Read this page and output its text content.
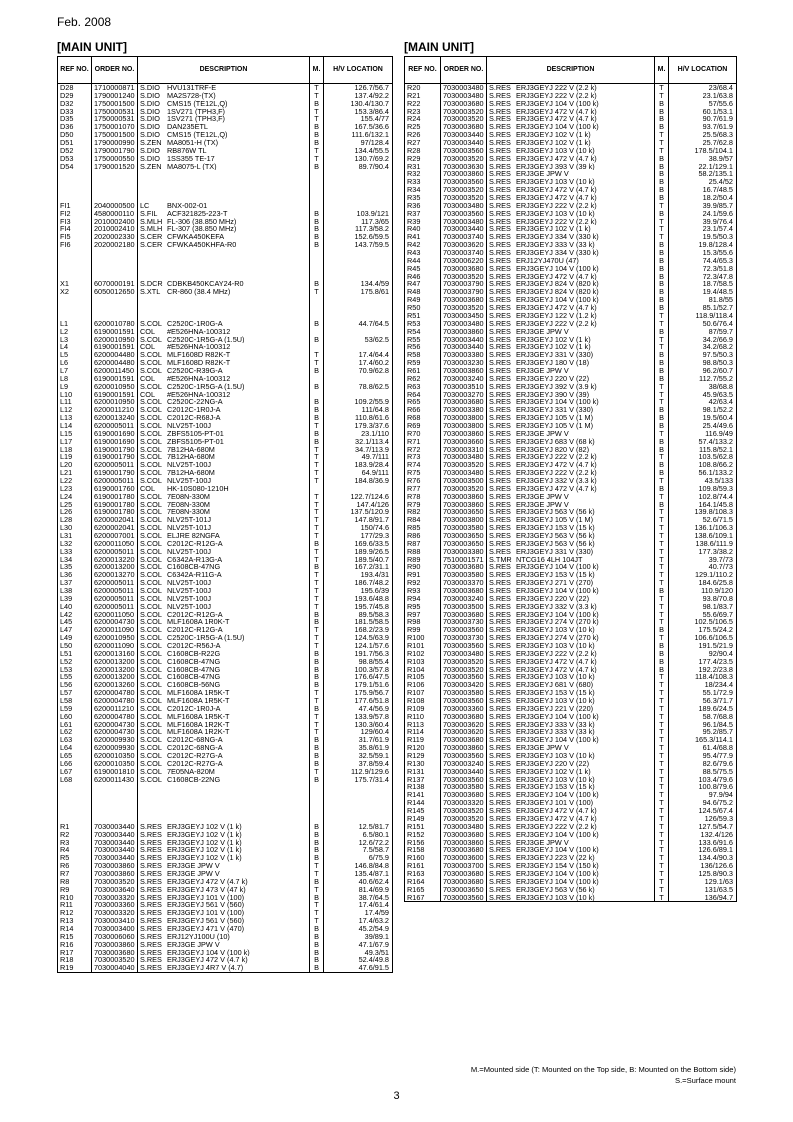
Feb. 2008
[MAIN UNIT]
REF NO.	ORDER NO.	DESCRIPTION	M.	H/V LOCATION
D28	1710000871	S.DIO HVU131TRF-E	T	126.7/56.7
D29	1790001240	S.DIO MA2S728-(TX)	T	137.4/92.2
D32	1750001500	S.DIO CMS15 (TE12L,Q)	B	130.4/130.7
D33	1750000531	S.DIO 1SV271 (TPH3,F)	T	153.3/86.4
D35	1750000531	S.DIO 1SV271 (TPH3,F)	T	155.4/77
D36	1750001070	S.DIO DAN235ETL	B	167.5/36.6
D50	1750001500	S.DIO CMS15 (TE12L,Q)	B	111.6/132.1
D51	1790000990	S.ZEN MA8051-H (TX)	B	97/128.4
D52	1790001790	S.DIO RB876W TL	T	134.4/55.5
D53	1750000550	S.DIO 1SS355 TE-17	T	130.7/69.2
D54	1790001520	S.ZEN MA8075-L (TX)	B	89.7/90.4

FI1	2040000500	LC BNX-002-01		
FI2	4580000110	S.FIL ACF321825-223-T	B	103.9/121
FI3	2010002400	S.MLH FL-306 (38.850 MHz)	B	117.3/65
FI4	2010002410	S.MLH FL-307 (38.850 MHz)	B	117.3/58.2
FI5	2020002330	S.CER CFWKA450KEFA	B	152.6/59.5
FI6	2020002180	S.CER CFWKA450KHFA-R0	B	143.7/59.5

X1	6070000191	S.DCR CDBKB450KCAY24-R0	B	134.4/59
X2	6050012650	S.XTL CR-860 (38.4 MHz)	T	175.8/61

L1	6200010780	S.COL C2520C-1R0G-A	B	44.7/64.5
L2	6190001591	COL #E526HNA-100312		
L3	6200010950	S.COL C2520C-1R5G-A (1.5U)	B	53/62.5
L4	6190001591	COL #E526HNA-100312		
L5	6200004480	S.COL MLF1608D R82K-T	T	17.4/64.4
L6	6200004480	S.COL MLF1608D R82K-T	T	17.4/60.2
L7	6200011450	S.COL C2520C-R39G-A	B	70.9/62.8
L8	6190001591	COL #E526HNA-100312		
L9	6200010950	S.COL C2520C-1R5G-A (1.5U)	B	78.8/62.5
L10	6190001591	COL #E526HNA-100312		
L11	6200010950	S.COL C2520C-22NG-A	B	109.2/55.9
L12	6200011210	S.COL C2012C-1R0J-A	B	111/64.8
L13	6200013240	S.COL C2012C-R68J-A	B	110.8/61.6
L14	6200005011	S.COL NLV25T-100J	T	179.3/37.6
L15	6190001690	S.COL ZBFS5105-PT-01	B	23.1/110
L17	6190001690	S.COL ZBFS5105-PT-01	B	32.1/113.4
L18	6190001790	S.COL 7B12HA-680M	T	34.7/113.9
L19	6190001790	S.COL 7B12HA-680M	T	49.7/111
L20	6200005011	S.COL NLV25T-100J	T	183.9/28.4
L21	6190001790	S.COL 7B12HA-680M	T	64.9/111
L22	6200005011	S.COL NLV25T-100J	T	184.8/36.9
L23	6190001760	COL HK-10S080-1210H		
L24	6190001780	S.COL 7E08N-330M	T	122.7/124.6
L25	6190001780	S.COL 7E08N-330M	T	147.4/126
L26	6190001780	S.COL 7E08N-330M	T	137.5/120.9
L28	6200002041	S.COL NLV25T-101J	T	147.8/91.7
L30	6200002041	S.COL NLV25T-101J	T	150/74.6
L31	6200007001	S.COL ELJRE 82NGFA	T	177/29.3
L32	6200011050	S.COL C2012C-R12G-A	B	169.6/33.5
L33	6200005011	S.COL NLV25T-100J	T	189.9/26.5
L34	6200013220	S.COL C6342A-R13G-A	T	189.5/40.7
L35	6200013200	S.COL C1608CB-47NG	B	167.2/31.1
L36	6200013270	S.COL C6342A-R11G-A	T	193.4/31
L37	6200005011	S.COL NLV25T-100J	T	186.7/48.2
L38	6200005011	S.COL NLV25T-100J	T	195.6/39
L39	6200005011	S.COL NLV25T-100J	T	193.6/48.8
L40	6200005011	S.COL NLV25T-100J	T	195.7/45.8
L42	6200011050	S.COL C2012C-R12G-A	B	89.5/58.3
L45	6200004730	S.COL MLF1608A 1R0K-T	B	181.5/58.5
L47	6200011090	S.COL C2012C-R12G-A	T	168.2/23.9
L49	6200010950	S.COL C2520C-1R5G-A (1.5U)	T	124.5/63.9
L50	6200011090	S.COL C2012C-R56J-A	T	124.1/57.6
L51	6200013160	S.COL C1608CB-R22G	B	191.7/56.3
L52	6200013200	S.COL C1608CB-47NG	B	98.8/55.4
L53	6200013200	S.COL C1608CB-47NG	B	100.3/57.8
L55	6200013200	S.COL C1608CB-47NG	B	176.6/47.5
L56	6200013260	S.COL C1608CB-56NG	B	179.1/51.6
L57	6200004780	S.COL MLF1608A 1R5K-T	T	175.9/56.7
L58	6200004780	S.COL MLF1608A 1R5K-T	T	177.6/51.8
L59	6200011210	S.COL C2012C-1R0J-A	B	47.4/56.9
L60	6200004780	S.COL MLF1608A 1R5K-T	T	133.9/57.8
L61	6200004730	S.COL MLF1608A 1R2K-T	T	130.3/60.4
L62	6200004730	S.COL MLF1608A 1R2K-T	T	129/60.4
L63	6200009930	S.COL C2012C-68NG-A	B	31.7/61.9
L64	6200009930	S.COL C2012C-68NG-A	B	35.8/61.9
L65	6200010350	S.COL C2012C-R27G-A	B	32.5/59.1
L66	6200010350	S.COL C2012C-R27G-A	B	37.8/59.4
L67	6190001810	S.COL 7E05NA-820M	T	112.9/129.6
L68	6200011430	S.COL C1608CB-22NG	B	175.7/31.4

R1	7030003440	S.RES ERJ3GEYJ 102 V (1 k)	B	12.5/81.7
R2	7030003440	S.RES ERJ3GEYJ 102 V (1 k)	B	6.5/80.1
R3	7030003440	S.RES ERJ3GEYJ 102 V (1 k)	B	12.6/72.2
R4	7030003440	S.RES ERJ3GEYJ 102 V (1 k)	B	7.5/58.7
R5	7030003440	S.RES ERJ3GEYJ 102 V (1 k)	B	6/75.9
R6	7030003860	S.RES ERJ3GE JPW V	T	146.8/84.8
R7	7030003860	S.RES ERJ3GE JPW V	T	135.4/87.1
R8	7030003520	S.RES ERJ3GEYJ 472 V (4.7 k)	B	40.6/62.4
R9	7030003640	S.RES ERJ3GEYJ 473 V (47 k)	T	81.4/69.9
R10	7030003320	S.RES ERJ3GEYJ 101 V (100)	B	38.7/64.5
R11	7030003360	S.RES ERJ3GEYJ 561 V (560)	T	17.4/61.4
R12	7030003320	S.RES ERJ3GEYJ 101 V (100)	T	17.4/59
R13	7030003410	S.RES ERJ3GEYJ 561 V (560)	T	17.4/63.2
R14	7030003400	S.RES ERJ3GEYJ 471 V (470)	B	45.2/54.9
R15	7030006060	S.RES ERJ12YJ100U (10)	B	39/89.1
R16	7030003860	S.RES ERJ3GE JPW V	B	47.1/67.9
R17	7030003680	S.RES ERJ3GEYJ 104 V (100 k)	B	49.3/51
R18	7030003520	S.RES ERJ3GEYJ 472 V (4.7 k)	B	52.4/49.8
R19	7030004040	S.RES ERJ3GEYJ 4R7 V (4.7)	B	47.6/91.5
[MAIN UNIT]
REF NO.	ORDER NO.	DESCRIPTION	M.	H/V LOCATION
R20	7030003480	S.RES ERJ3GEYJ 222 V (2.2 k)	T	23/68.4
R21	7030003480	S.RES ERJ3GEYJ 222 V (2.2 k)	T	23.1/63.8
R22	7030003680	S.RES ERJ3GEYJ 104 V (100 k)	B	57/55.6
R23	7030003520	S.RES ERJ3GEYJ 472 V (4.7 k)	B	60.1/53.1
R24	7030003520	S.RES ERJ3GEYJ 472 V (4.7 k)	B	90.7/61.9
R25	7030003680	S.RES ERJ3GEYJ 104 V (100 k)	B	93.7/61.9
R26	7030003440	S.RES ERJ3GEYJ 102 V (1 k)	T	25.5/68.3
R27	7030003440	S.RES ERJ3GEYJ 102 V (1 k)	T	25.7/62.8
R28	7030003560	S.RES ERJ3GEYJ 103 V (10 k)	T	178.5/104.1
R29	7030003520	S.RES ERJ3GEYJ 472 V (4.7 k)	B	38.9/57
R31	7030003630	S.RES ERJ3GEYJ 393 V (39 k)	B	22.1/129.1
R32	7030003860	S.RES ERJ3GE JPW V	B	58.2/135.1
R33	7030003560	S.RES ERJ3GEYJ 103 V (10 k)	B	25.4/52
R34	7030003520	S.RES ERJ3GEYJ 472 V (4.7 k)	B	16.7/48.5
R35	7030003520	S.RES ERJ3GEYJ 472 V (4.7 k)	B	18.2/50.4
R36	7030003480	S.RES ERJ3GEYJ 222 V (2.2 k)	T	39.9/85.7
R37	7030003560	S.RES ERJ3GEYJ 103 V (10 k)	B	24.1/59.6
R39	7030003480	S.RES ERJ3GEYJ 222 V (2.2 k)	T	39.9/76.4
R40	7030003440	S.RES ERJ3GEYJ 102 V (1 k)	T	23.1/57.4
R41	7030003740	S.RES ERJ3GEYJ 334 V (330 k)	T	19.5/50.3
R42	7030003620	S.RES ERJ3GEYJ 333 V (33 k)	B	19.8/128.4
R43	7030003740	S.RES ERJ3GEYJ 334 V (330 k)	B	15.3/55.6
R44	7030006220	S.RES ERJ12YJ470U (47)	B	74.4/65.3
R45	7030003680	S.RES ERJ3GEYJ 104 V (100 k)	B	72.3/51.8
R46	7030003520	S.RES ERJ3GEYJ 472 V (4.7 k)	B	72.3/47.8
R47	7030003790	S.RES ERJ3GEYJ 824 V (820 k)	B	18.7/58.5
R48	7030003790	S.RES ERJ3GEYJ 824 V (820 k)	B	19.4/48.5
R49	7030003680	S.RES ERJ3GEYJ 104 V (100 k)	B	81.8/55
R50	7030003520	S.RES ERJ3GEYJ 472 V (4.7 k)	B	85.1/52.7
R51	7030003450	S.RES ERJ3GEYJ 122 V (1.2 k)	T	118.9/118.4
R53	7030003480	S.RES ERJ3GEYJ 222 V (2.2 k)	T	50.6/76.4
R54	7030003860	S.RES ERJ3GE JPW V	B	87/59.7
R55	7030003440	S.RES ERJ3GEYJ 102 V (1 k)	T	34.2/66.9
R56	7030003440	S.RES ERJ3GEYJ 102 V (1 k)	T	34.2/68.2
R58	7030003380	S.RES ERJ3GEYJ 331 V (330)	B	97.5/50.3
R59	7030003230	S.RES ERJ3GEYJ 180 V (18)	B	98.8/50.3
R61	7030003860	S.RES ERJ3GE JPW V	B	96.2/60.7
R62	7030003240	S.RES ERJ3GEYJ 220 V (22)	B	112.7/55.2
R63	7030003510	S.RES ERJ3GEYJ 392 V (3.9 k)	T	38/68.8
R64	7030003270	S.RES ERJ3GEYJ 390 V (39)	T	45.9/63.5
R65	7030003680	S.RES ERJ3GEYJ 104 V (100 k)	T	42/63.4
R66	7030003380	S.RES ERJ3GEYJ 331 V (330)	B	98.1/52.2
R68	7030003800	S.RES ERJ3GEYJ 105 V (1 M)	B	19.5/60.4
R69	7030003800	S.RES ERJ3GEYJ 105 V (1 M)	B	25.4/49.6
R70	7030003860	S.RES ERJ3GE JPW V	T	116.9/49
R71	7030003660	S.RES ERJ3GEYJ 683 V (68 k)	B	57.4/133.2
R72	7030003310	S.RES ERJ3GEYJ 820 V (82)	B	115.8/52.1
R73	7030003480	S.RES ERJ3GEYJ 222 V (2.2 k)	T	103.5/62.8
R74	7030003520	S.RES ERJ3GEYJ 472 V (4.7 k)	B	108.8/66.2
R75	7030003480	S.RES ERJ3GEYJ 222 V (2.2 k)	B	56.1/133.2
R76	7030003500	S.RES ERJ3GEYJ 332 V (3.3 k)	T	43.5/133
R77	7030003520	S.RES ERJ3GEYJ 472 V (4.7 k)	B	109.8/59.3
R78	7030003860	S.RES ERJ3GE JPW V	T	102.8/74.4
R79	7030003860	S.RES ERJ3GE JPW V	B	164.1/45.8
R82	7030003650	S.RES ERJ3GEYJ 563 V (56 k)	T	139.8/108.3
R84	7030003800	S.RES ERJ3GEYJ 105 V (1 M)	T	52.6/71.5
R85	7030003580	S.RES ERJ3GEYJ 153 V (15 k)	T	136.1/106.3
R86	7030003650	S.RES ERJ3GEYJ 563 V (56 k)	T	138.6/109.1
R87	7030003650	S.RES ERJ3GEYJ 563 V (56 k)	T	138.6/111.9
R88	7030003380	S.RES ERJ3GEYJ 331 V (330)	T	177.3/38.2
R89	7510001571	S.TMR NTCG16 4LH 104JT	T	39.7/73
R90	7030003680	S.RES ERJ3GEYJ 104 V (100 k)	T	40.7/73
R91	7030003580	S.RES ERJ3GEYJ 153 V (15 k)	T	129.1/110.2
R92	7030003370	S.RES ERJ3GEYJ 271 V (270)	T	184.6/25.8
R93	7030003680	S.RES ERJ3GEYJ 104 V (100 k)	B	110.9/120
R94	7030003240	S.RES ERJ3GEYJ 220 V (22)	T	93.8/70.8
R95	7030003500	S.RES ERJ3GEYJ 332 V (3.3 k)	T	98.1/83.7
R97	7030003680	S.RES ERJ3GEYJ 104 V (100 k)	T	55.6/69.7
R98	7030003730	S.RES ERJ3GEYJ 274 V (270 k)	T	102.5/106.5
R99	7030003560	S.RES ERJ3GEYJ 103 V (10 k)	B	175.5/24.2
R100	7030003730	S.RES ERJ3GEYJ 274 V (270 k)	T	106.6/106.5
R101	7030003560	S.RES ERJ3GEYJ 103 V (10 k)	B	191.5/21.9
R102	7030003480	S.RES ERJ3GEYJ 222 V (2.2 k)	B	92/90.4
R103	7030003520	S.RES ERJ3GEYJ 472 V (4.7 k)	B	177.4/23.5
R104	7030003520	S.RES ERJ3GEYJ 472 V (4.7 k)	B	192.2/23.8
R105	7030003560	S.RES ERJ3GEYJ 103 V (10 k)	T	118.4/108.3
R106	7030003420	S.RES ERJ3GEYJ 681 V (680)	T	18/234.4
R107	7030003580	S.RES ERJ3GEYJ 153 V (15 k)	T	55.1/72.9
R108	7030003560	S.RES ERJ3GEYJ 103 V (10 k)	T	56.3/71.7
R109	7030003360	S.RES ERJ3GEYJ 221 V (220)	T	189.6/24.5
R110	7030003680	S.RES ERJ3GEYJ 104 V (100 k)	T	58.7/68.8
R113	7030003620	S.RES ERJ3GEYJ 333 V (33 k)	T	96.1/84.5
R114	7030003620	S.RES ERJ3GEYJ 333 V (33 k)	T	95.2/85.7
R119	7030003680	S.RES ERJ3GEYJ 104 V (100 k)	T	165.3/114.1
R120	7030003860	S.RES ERJ3GE JPW V	T	61.4/68.8
R129	7030003560	S.RES ERJ3GEYJ 103 V (10 k)	T	95.4/77.9
R130	7030003240	S.RES ERJ3GEYJ 220 V (22)	T	82.6/79.6
R131	7030003440	S.RES ERJ3GEYJ 102 V (1 k)	T	88.5/75.5
R137	7030003560	S.RES ERJ3GEYJ 103 V (10 k)	T	103.4/79.6
R138	7030003580	S.RES ERJ3GEYJ 153 V (15 k)	T	100.8/79.6
R141	7030003680	S.RES ERJ3GEYJ 104 V (100 k)	T	97.9/94
R144	7030003320	S.RES ERJ3GEYJ 101 V (100)	T	94.6/75.2
R145	7030003520	S.RES ERJ3GEYJ 472 V (4.7 k)	T	124.5/67.4
R149	7030003520	S.RES ERJ3GEYJ 472 V (4.7 k)	T	126/59.3
R151	7030003480	S.RES ERJ3GEYJ 222 V (2.2 k)	T	127.5/54.7
R152	7030003680	S.RES ERJ3GEYJ 104 V (100 k)	T	132.4/126
R156	7030003860	S.RES ERJ3GE JPW V	T	133.6/91.6
R158	7030003680	S.RES ERJ3GEYJ 104 V (100 k)	T	126.6/89.1
R160	7030003600	S.RES ERJ3GEYJ 223 V (22 k)	T	134.4/90.3
R161	7030003700	S.RES ERJ3GEYJ 154 V (150 k)	T	136/126.6
R163	7030003680	S.RES ERJ3GEYJ 104 V (100 k)	T	125.8/90.3
R164	7030003680	S.RES ERJ3GEYJ 104 V (100 k)	T	129.1/63
R165	7030003650	S.RES ERJ3GEYJ 563 V (56 k)	T	131/63.5
R167	7030003560	S.RES ERJ3GEYJ 103 V (10 k)	T	136/94.7
M.=Mounted side (T: Mounted on the Top side, B: Mounted on the Bottom side)
S.=Surface mount
3
